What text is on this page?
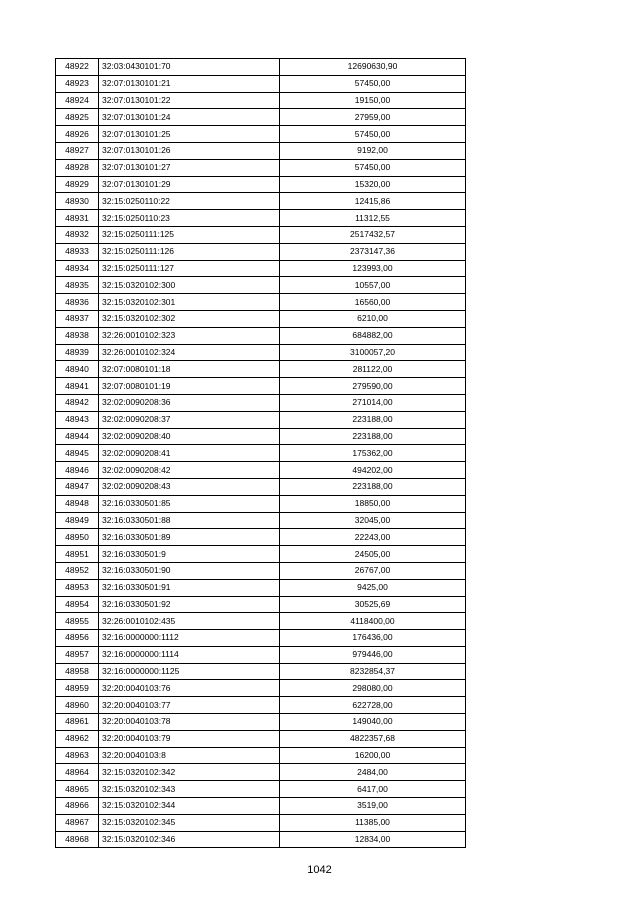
48922	32:03:0430101:70	12690630,90
48923	32:07:0130101:21	57450,00
48924	32:07:0130101:22	19150,00
48925	32:07:0130101:24	27959,00
48926	32:07:0130101:25	57450,00
48927	32:07:0130101:26	9192,00
48928	32:07:0130101:27	57450,00
48929	32:07:0130101:29	15320,00
48930	32:15:0250110:22	12415,86
48931	32:15:0250110:23	11312,55
48932	32:15:0250111:125	2517432,57
48933	32:15:0250111:126	2373147,36
48934	32:15:0250111:127	123993,00
48935	32:15:0320102:300	10557,00
48936	32:15:0320102:301	16560,00
48937	32:15:0320102:302	6210,00
48938	32:26:0010102:323	684882,00
48939	32:26:0010102:324	3100057,20
48940	32:07:0080101:18	281122,00
48941	32:07:0080101:19	279590,00
48942	32:02:0090208:36	271014,00
48943	32:02:0090208:37	223188,00
48944	32:02:0090208:40	223188,00
48945	32:02:0090208:41	175362,00
48946	32:02:0090208:42	494202,00
48947	32:02:0090208:43	223188,00
48948	32:16:0330501:85	18850,00
48949	32:16:0330501:88	32045,00
48950	32:16:0330501:89	22243,00
48951	32:16:0330501:9	24505,00
48952	32:16:0330501:90	26767,00
48953	32:16:0330501:91	9425,00
48954	32:16:0330501:92	30525,69
48955	32:26:0010102:435	4118400,00
48956	32:16:0000000:1112	176436,00
48957	32:16:0000000:1114	979446,00
48958	32:16:0000000:1125	8232854,37
48959	32:20:0040103:76	298080,00
48960	32:20:0040103:77	622728,00
48961	32:20:0040103:78	149040,00
48962	32:20:0040103:79	4822357,68
48963	32:20:0040103:8	16200,00
48964	32:15:0320102:342	2484,00
48965	32:15:0320102:343	6417,00
48966	32:15:0320102:344	3519,00
48967	32:15:0320102:345	11385,00
48968	32:15:0320102:346	12834,00
1042
